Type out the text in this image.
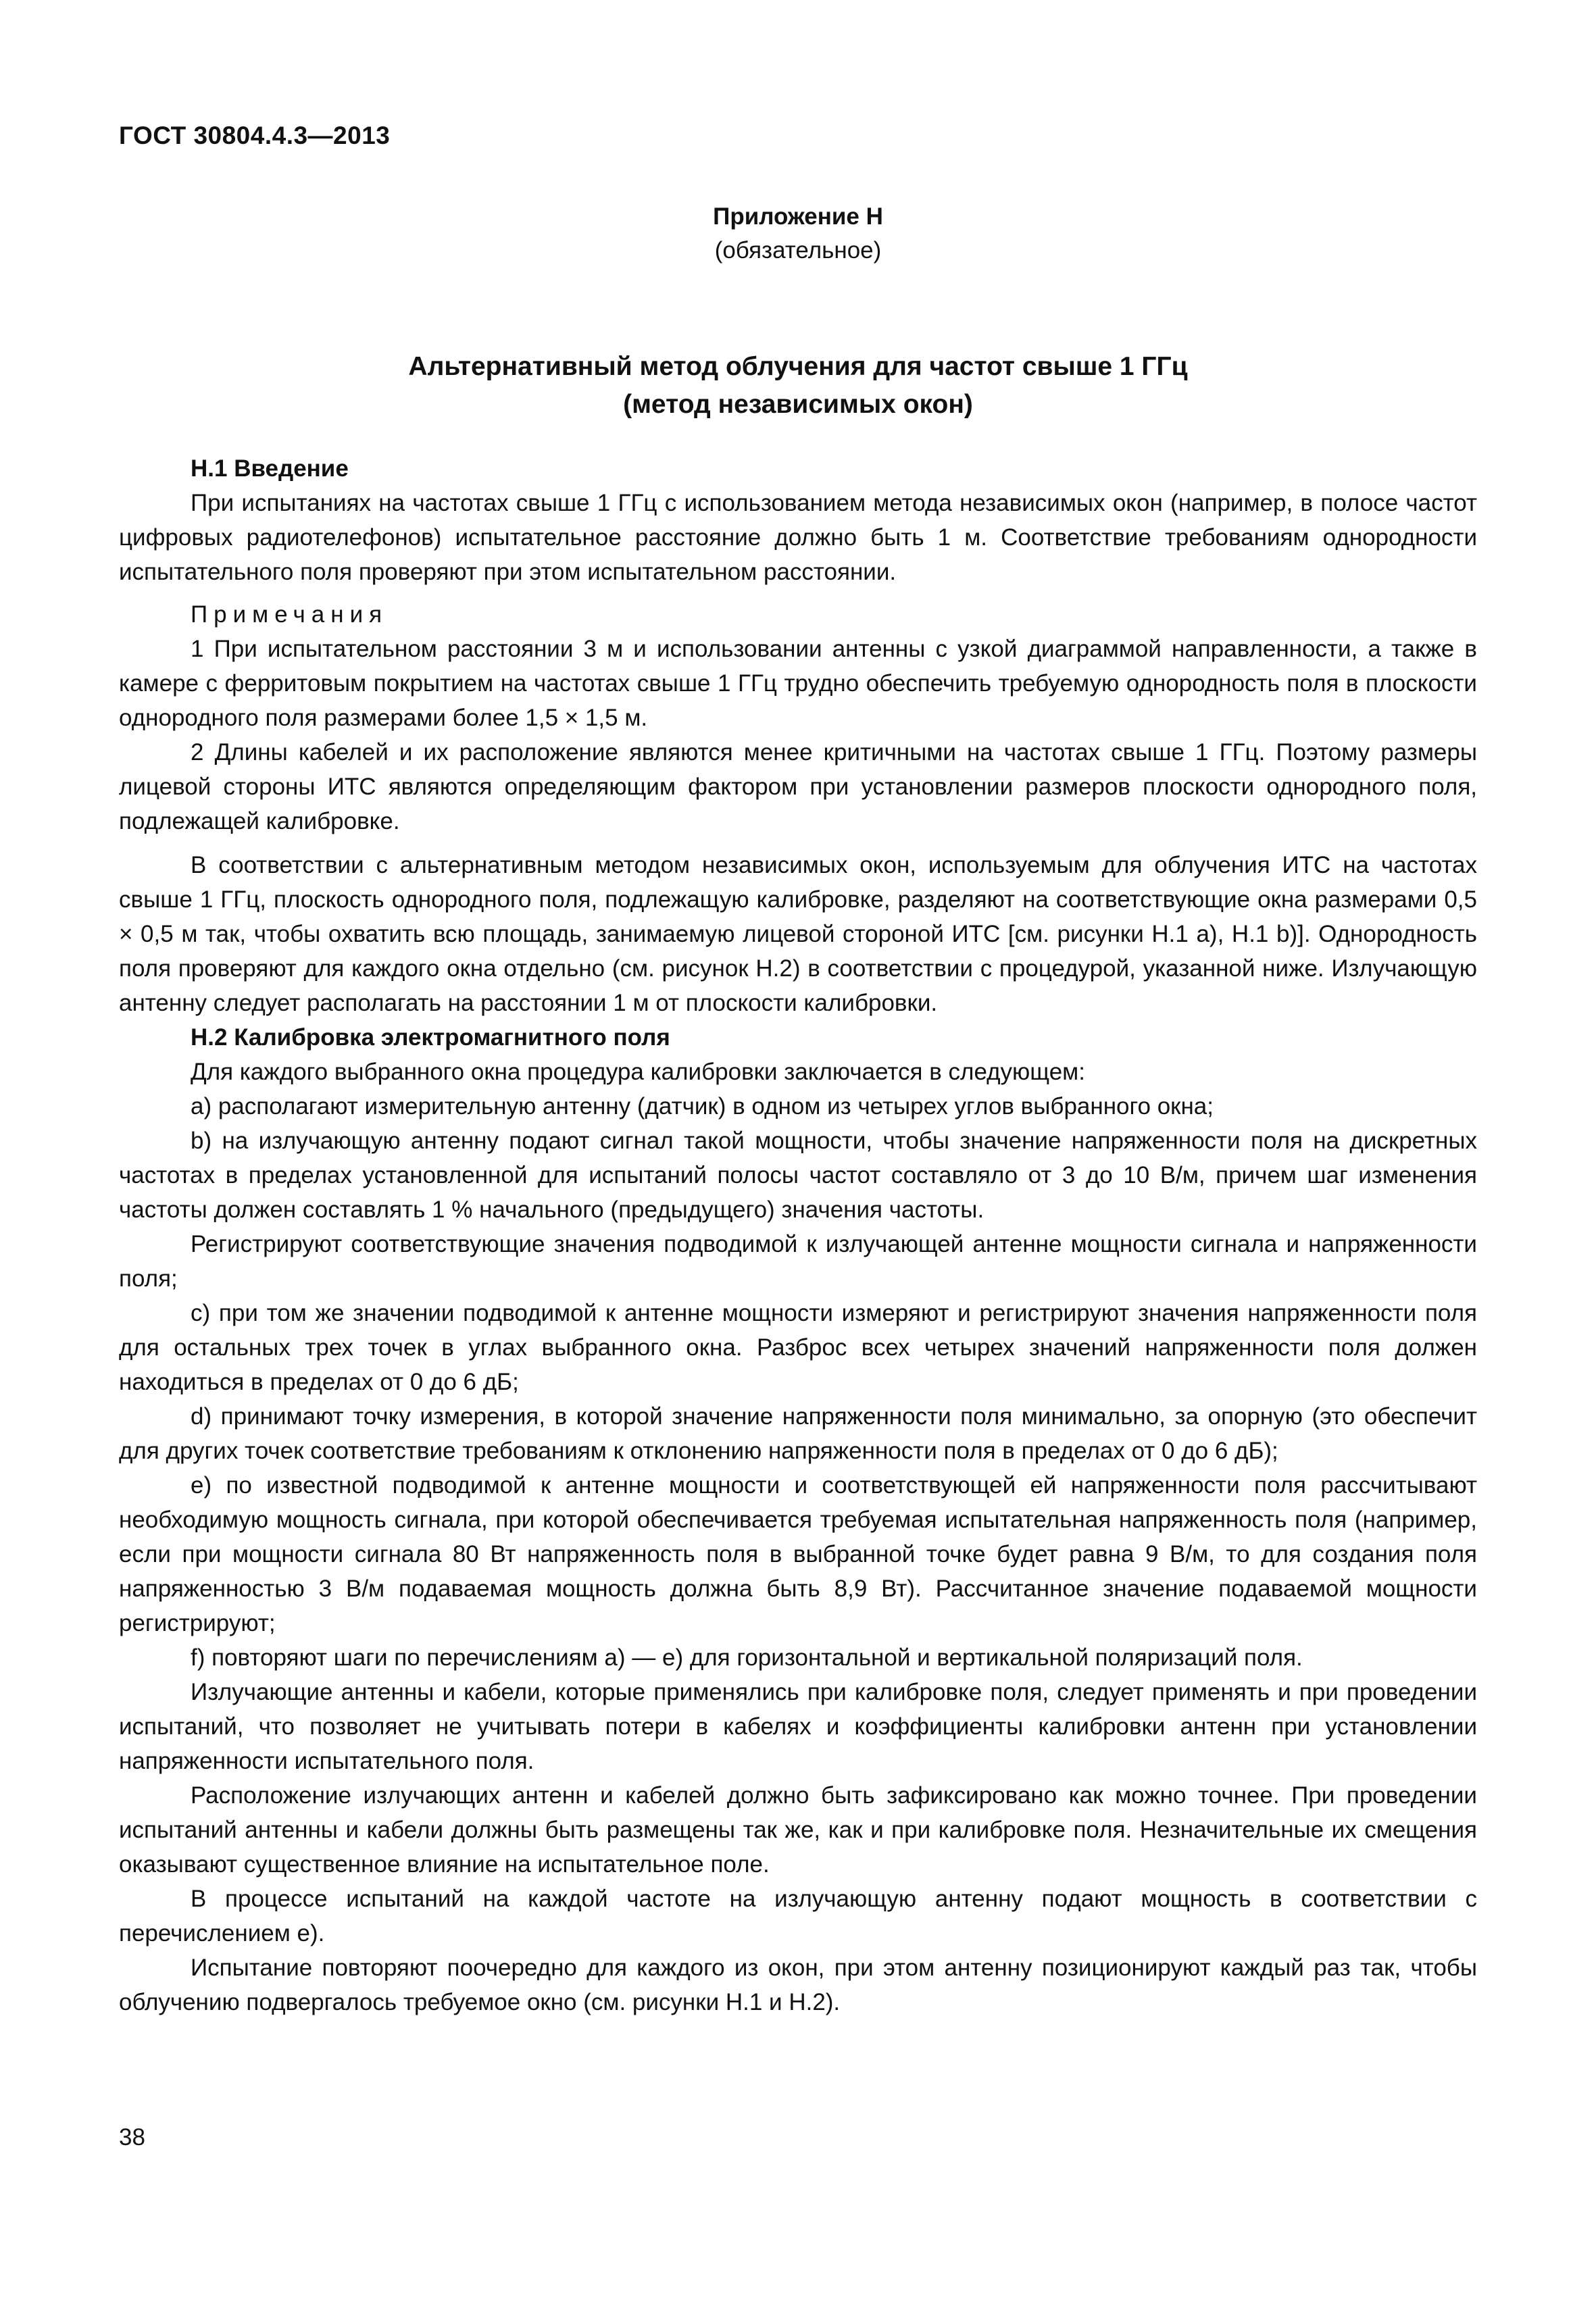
ГОСТ 30804.4.3—2013
Приложение Н
(обязательное)
Альтернативный метод облучения для частот свыше 1 ГГц
(метод независимых окон)
Н.1 Введение

При испытаниях на частотах свыше 1 ГГц с использованием метода независимых окон (например, в полосе частот цифровых радиотелефонов) испытательное расстояние должно быть 1 м. Соответствие требованиям однородности испытательного поля проверяют при этом испытательном расстоянии.

Примечания

1 При испытательном расстоянии 3 м и использовании антенны с узкой диаграммой направленности, а также в камере с ферритовым покрытием на частотах свыше 1 ГГц трудно обеспечить требуемую однородность поля в плоскости однородного поля размерами более 1,5 × 1,5 м.

2 Длины кабелей и их расположение являются менее критичными на частотах свыше 1 ГГц. Поэтому размеры лицевой стороны ИТС являются определяющим фактором при установлении размеров плоскости однородного поля, подлежащей калибровке.

В соответствии с альтернативным методом независимых окон, используемым для облучения ИТС на частотах свыше 1 ГГц, плоскость однородного поля, подлежащую калибровке, разделяют на соответствующие окна размерами 0,5 × 0,5 м так, чтобы охватить всю площадь, занимаемую лицевой стороной ИТС [см. рисунки Н.1 а), Н.1 b)]. Однородность поля проверяют для каждого окна отдельно (см. рисунок Н.2) в соответствии с процедурой, указанной ниже. Излучающую антенну следует располагать на расстоянии 1 м от плоскости калибровки.

Н.2 Калибровка электромагнитного поля

Для каждого выбранного окна процедура калибровки заключается в следующем:

а) располагают измерительную антенну (датчик) в одном из четырех углов выбранного окна;

b) на излучающую антенну подают сигнал такой мощности, чтобы значение напряженности поля на дискретных частотах в пределах установленной для испытаний полосы частот составляло от 3 до 10 В/м, причем шаг изменения частоты должен составлять 1 % начального (предыдущего) значения частоты.

Регистрируют соответствующие значения подводимой к излучающей антенне мощности сигнала и напряженности поля;

c) при том же значении подводимой к антенне мощности измеряют и регистрируют значения напряженности поля для остальных трех точек в углах выбранного окна. Разброс всех четырех значений напряженности поля должен находиться в пределах от 0 до 6 дБ;

d) принимают точку измерения, в которой значение напряженности поля минимально, за опорную (это обеспечит для других точек соответствие требованиям к отклонению напряженности поля в пределах от 0 до 6 дБ);

e) по известной подводимой к антенне мощности и соответствующей ей напряженности поля рассчитывают необходимую мощность сигнала, при которой обеспечивается требуемая испытательная напряженность поля (например, если при мощности сигнала 80 Вт напряженность поля в выбранной точке будет равна 9 В/м, то для создания поля напряженностью 3 В/м подаваемая мощность должна быть 8,9 Вт). Рассчитанное значение подаваемой мощности регистрируют;

f) повторяют шаги по перечислениям а) — e) для горизонтальной и вертикальной поляризаций поля.

Излучающие антенны и кабели, которые применялись при калибровке поля, следует применять и при проведении испытаний, что позволяет не учитывать потери в кабелях и коэффициенты калибровки антенн при установлении напряженности испытательного поля.

Расположение излучающих антенн и кабелей должно быть зафиксировано как можно точнее. При проведении испытаний антенны и кабели должны быть размещены так же, как и при калибровке поля. Незначительные их смещения оказывают существенное влияние на испытательное поле.

В процессе испытаний на каждой частоте на излучающую антенну подают мощность в соответствии с перечислением е).

Испытание повторяют поочередно для каждого из окон, при этом антенну позиционируют каждый раз так, чтобы облучению подвергалось требуемое окно (см. рисунки Н.1 и Н.2).

38
